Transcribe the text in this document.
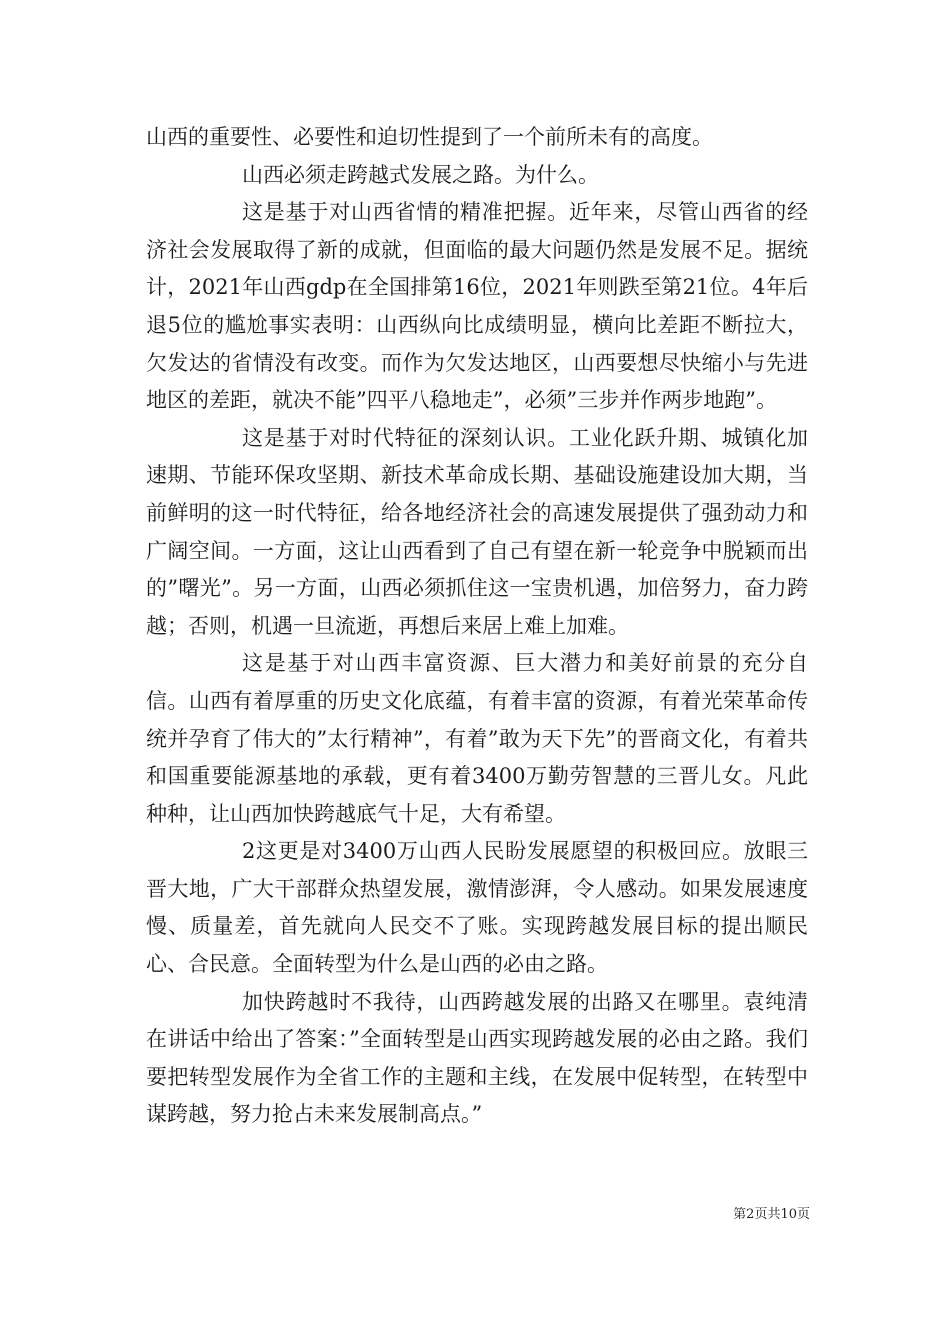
山西的重要性、必要性和迫切性提到了一个前所未有的高度。

山西必须走跨越式发展之路。为什么。

这是基于对山西省情的精准把握。近年来，尽管山西省的经济社会发展取得了新的成就，但面临的最大问题仍然是发展不足。据统计，2021年山西gdp在全国排第16位，2021年则跌至第21位。4年后退5位的尴尬事实表明：山西纵向比成绩明显，横向比差距不断拉大，欠发达的省情没有改变。而作为欠发达地区，山西要想尽快缩小与先进地区的差距，就决不能”四平八稳地走”，必须”三步并作两步地跑”。

这是基于对时代特征的深刻认识。工业化跃升期、城镇化加速期、节能环保攻坚期、新技术革命成长期、基础设施建设加大期，当前鲜明的这一时代特征，给各地经济社会的高速发展提供了强劲动力和广阔空间。一方面，这让山西看到了自己有望在新一轮竞争中脱颖而出的”曙光”。另一方面，山西必须抓住这一宝贵机遇，加倍努力，奋力跨越；否则，机遇一旦流逝，再想后来居上难上加难。

这是基于对山西丰富资源、巨大潜力和美好前景的充分自信。山西有着厚重的历史文化底蕴，有着丰富的资源，有着光荣革命传统并孕育了伟大的”太行精神”，有着”敢为天下先”的晋商文化，有着共和国重要能源基地的承载，更有着3400万勤劳智慧的三晋儿女。凡此种种，让山西加快跨越底气十足，大有希望。

2这更是对3400万山西人民盼发展愿望的积极回应。放眼三晋大地，广大干部群众热望发展，激情澎湃，令人感动。如果发展速度慢、质量差，首先就向人民交不了账。实现跨越发展目标的提出顺民心、合民意。全面转型为什么是山西的必由之路。

加快跨越时不我待，山西跨越发展的出路又在哪里。袁纯清在讲话中给出了答案：”全面转型是山西实现跨越发展的必由之路。我们要把转型发展作为全省工作的主题和主线，在发展中促转型，在转型中谋跨越，努力抢占未来发展制高点。”

第2页共10页
